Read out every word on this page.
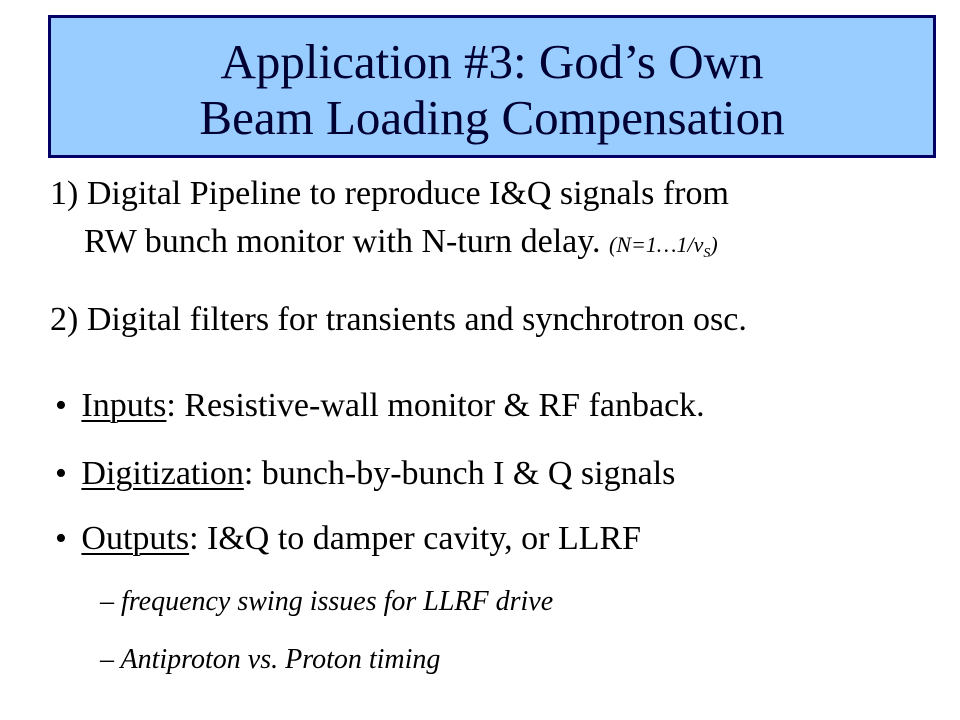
Application #3: God’s Own
Beam Loading Compensation
1) Digital Pipeline to reproduce I&Q signals from
RW bunch monitor with N-turn delay. $(N=1\dots 1/\nu_S)$
2) Digital filters for transients and synchrotron osc.
• Inputs: Resistive-wall monitor & RF fanback.
• Digitization: bunch-by-bunch I & Q signals
• Outputs: I&Q to damper cavity, or LLRF
– frequency swing issues for LLRF drive
– Antiproton vs. Proton timing
